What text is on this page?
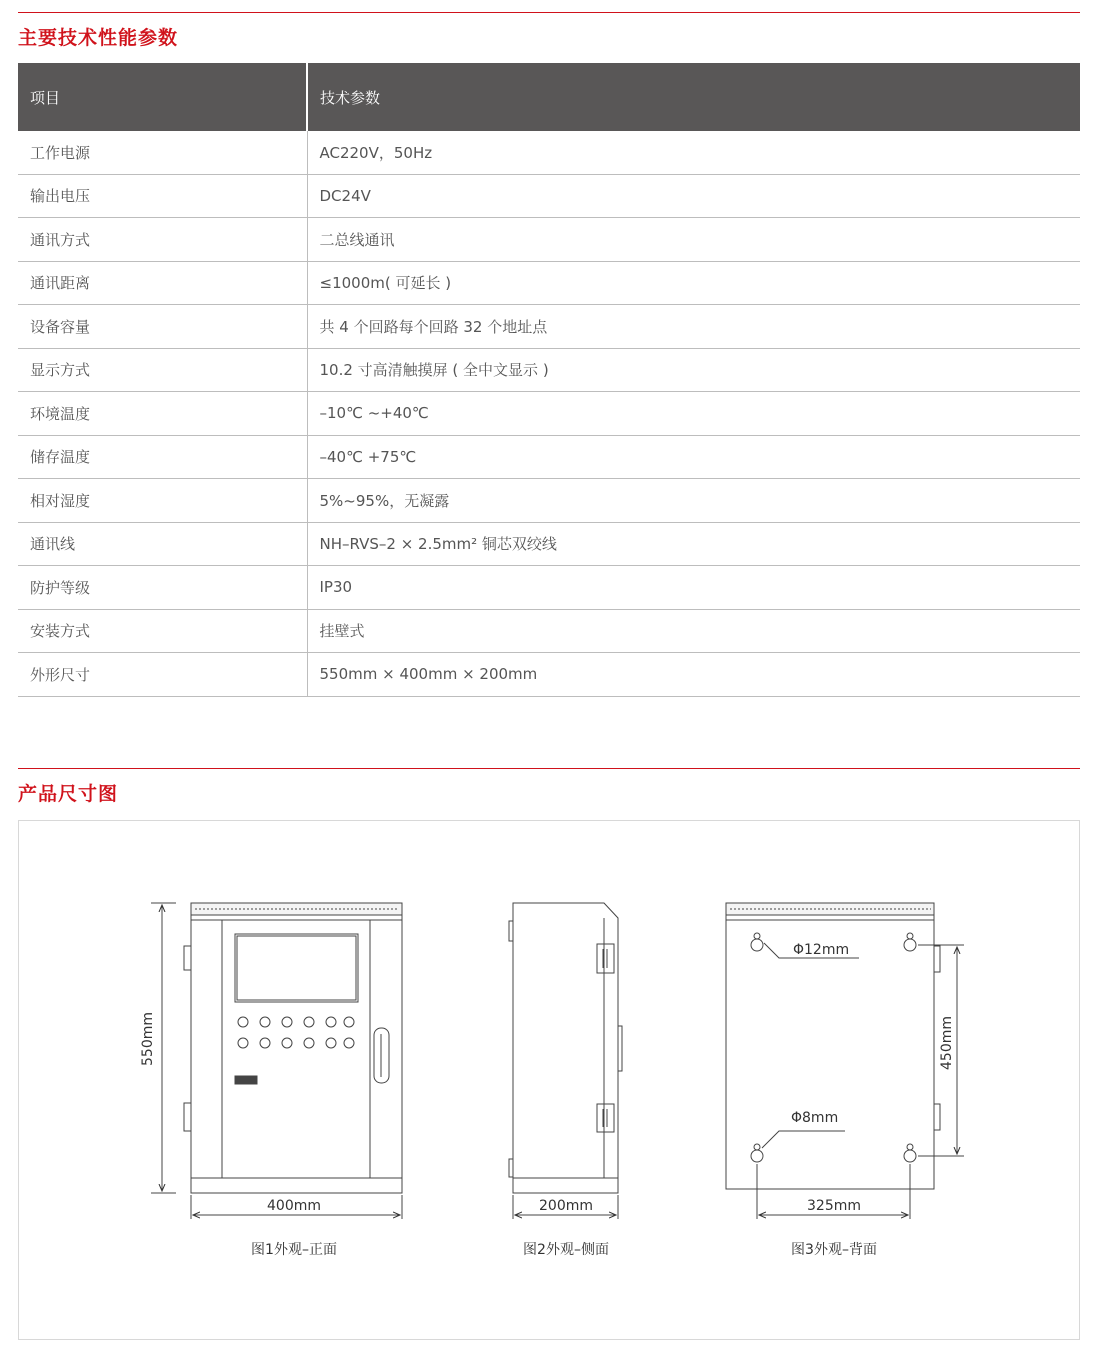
主要技术性能参数
项目	技术参数
工作电源	AC220V，50Hz
输出电压	DC24V
通讯方式	二总线通讯
通讯距离	≤1000m( 可延长 )
设备容量	共 4 个回路每个回路 32 个地址点
显示方式	10.2 寸高清触摸屏 ( 全中文显示 )
环境温度	–10℃ ~+40℃
储存温度	–40℃ +75℃
相对湿度	5%~95%，无凝露
通讯线	NH–RVS–2 × 2.5mm² 铜芯双绞线
防护等级	IP30
安装方式	挂壁式
外形尺寸	550mm × 400mm × 200mm
产品尺寸图
550mm
400mm
图1外观–正面
200mm
图2外观–侧面
Φ12mm
Φ8mm
450mm
325mm
图3外观–背面
